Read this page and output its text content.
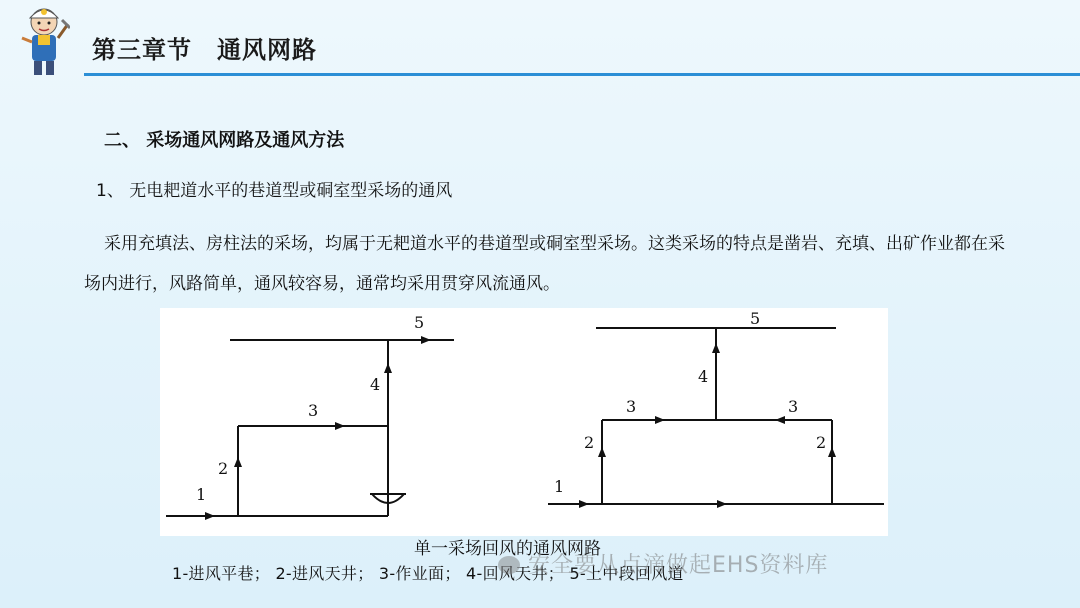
第三章节　通风网路
二、 采场通风网路及通风方法
1、 无电耙道水平的巷道型或硐室型采场的通风
采用充填法、房柱法的采场，均属于无耙道水平的巷道型或硐室型采场。这类采场的特点是凿岩、充填、出矿作业都在采场内进行，风路简单，通风较容易，通常均采用贯穿风流通风。
1
2
3
4
5
1
2
3	3
2
4
5
单一采场回风的通风网路
1-进风平巷； 2-进风天井； 3-作业面； 4-回风天井； 5-上中段回风道
安全要从点滴做起EHS资料库
